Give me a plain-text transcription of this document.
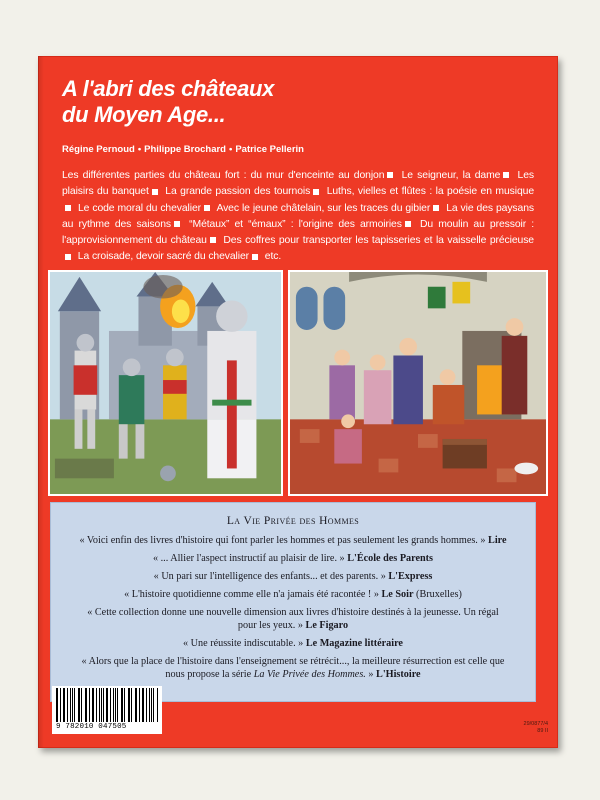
A l'abri des châteaux
du Moyen Age...
Régine Pernoud • Philippe Brochard • Patrice Pellerin
Les différentes parties du château fort : du mur d'enceinte au donjon Le seigneur, la dame Les plaisirs du banquet La grande passion des tournois Luths, vielles et flûtes : la poésie en musique Le code moral du chevalier Avec le jeune châtelain, sur les traces du gibier La vie des paysans au rythme des saisons “Métaux” et “émaux” : l'origine des armoiries Du moulin au pressoir : l'approvisionnement du château Des coffres pour transporter les tapisseries et la vaisselle précieuse La croisade, devoir sacré du chevalier etc.
La Vie Privée des Hommes
« Voici enfin des livres d'histoire qui font parler les hommes et pas seulement les grands hommes. » Lire
« ... Allier l'aspect instructif au plaisir de lire. » L'École des Parents
« Un pari sur l'intelligence des enfants... et des parents. » L'Express
« L'histoire quotidienne comme elle n'a jamais été racontée ! » Le Soir (Bruxelles)
« Cette collection donne une nouvelle dimension aux livres d'histoire destinés à la jeunesse. Un régal pour les yeux. » Le Figaro
« Une réussite indiscutable. » Le Magazine littéraire
« Alors que la place de l'histoire dans l'enseignement se rétrécit..., la meilleure résurrection est celle que nous propose la série La Vie Privée des Hommes. » L'Histoire
9 782010 047505	29/0877/4
89 II
